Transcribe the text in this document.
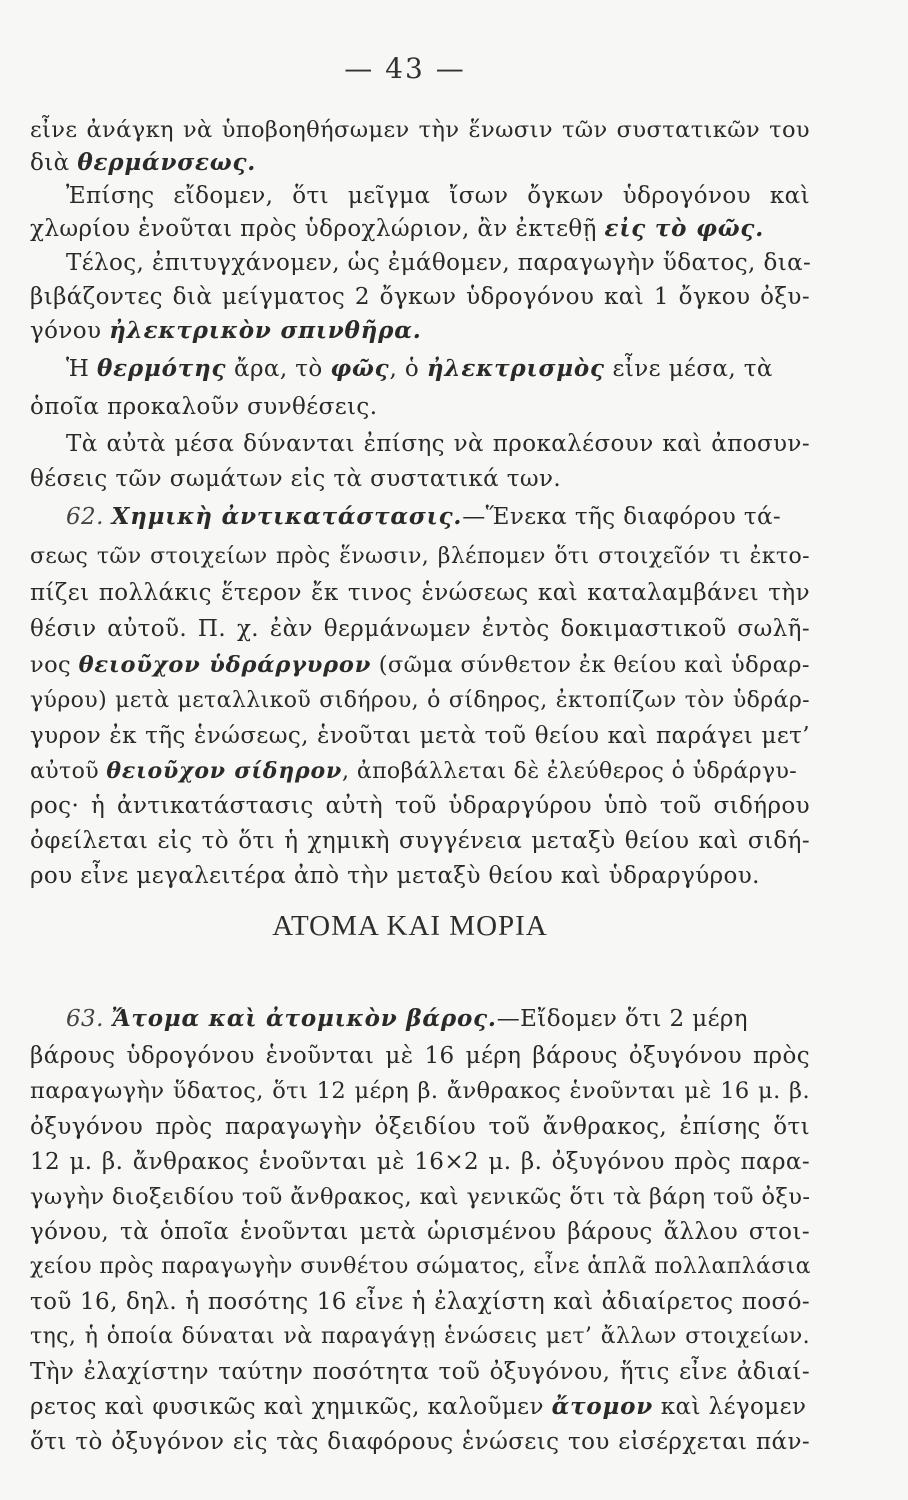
— 43 —
εἶνε ἀνάγκη νὰ ὑποβοηθήσωμεν τὴν ἕνωσιν τῶν συστατικῶν του
διὰ θερμάνσεως.
Ἐπίσης εἴδομεν, ὅτι μεῖγμα ἴσων ὄγκων ὑδρογόνου καὶ
χλωρίου ἑνοῦται πρὸς ὑδροχλώριον, ἂν ἐκτεθῇ εἰς τὸ φῶς.
Τέλος, ἐπιτυγχάνομεν, ὡς ἐμάθομεν, παραγωγὴν ὕδατος, δια-
βιβάζοντες διὰ μείγματος 2 ὄγκων ὑδρογόνου καὶ 1 ὄγκου ὀξυ-
γόνου ἠλεκτρικὸν σπινθῆρα.
Ἡ θερμότης ἄρα, τὸ φῶς, ὁ ἠλεκτρισμὸς εἶνε μέσα, τὰ
ὁποῖα προκαλοῦν συνθέσεις.
Τὰ αὐτὰ μέσα δύνανται ἐπίσης νὰ προκαλέσουν καὶ ἀποσυν-
θέσεις τῶν σωμάτων εἰς τὰ συστατικά των.
62. Χημικὴ ἀντικατάστασις.—Ἕνεκα τῆς διαφόρου τά-
σεως τῶν στοιχείων πρὸς ἕνωσιν, βλέπομεν ὅτι στοιχεῖόν τι ἐκτο-
πίζει πολλάκις ἕτερον ἔκ τινος ἑνώσεως καὶ καταλαμβάνει τὴν
θέσιν αὐτοῦ. Π. χ. ἐὰν θερμάνωμεν ἐντὸς δοκιμαστικοῦ σωλῆ-
νος θειοῦχον ὑδράργυρον (σῶμα σύνθετον ἐκ θείου καὶ ὑδραρ-
γύρου) μετὰ μεταλλικοῦ σιδήρου, ὁ σίδηρος, ἐκτοπίζων τὸν ὑδράρ-
γυρον ἐκ τῆς ἑνώσεως, ἑνοῦται μετὰ τοῦ θείου καὶ παράγει μετ’
αὐτοῦ θειοῦχον σίδηρον, ἀποβάλλεται δὲ ἐλεύθερος ὁ ὑδράργυ-
ρος· ἡ ἀντικατάστασις αὐτὴ τοῦ ὑδραργύρου ὑπὸ τοῦ σιδήρου
ὀφείλεται εἰς τὸ ὅτι ἡ χημικὴ συγγένεια μεταξὺ θείου καὶ σιδή-
ρου εἶνε μεγαλειτέρα ἀπὸ τὴν μεταξὺ θείου καὶ ὑδραργύρου.
ΑΤΟΜΑ ΚΑΙ ΜΟΡΙΑ
63. Ἄτομα καὶ ἀτομικὸν βάρος.—Εἴδομεν ὅτι 2 μέρη
βάρους ὑδρογόνου ἑνοῦνται μὲ 16 μέρη βάρους ὀξυγόνου πρὸς
παραγωγὴν ὕδατος, ὅτι 12 μέρη β. ἄνθρακος ἑνοῦνται μὲ 16 μ. β.
ὀξυγόνου πρὸς παραγωγὴν ὀξειδίου τοῦ ἄνθρακος, ἐπίσης ὅτι
12 μ. β. ἄνθρακος ἑνοῦνται μὲ 16×2 μ. β. ὀξυγόνου πρὸς παρα-
γωγὴν διοξειδίου τοῦ ἄνθρακος, καὶ γενικῶς ὅτι τὰ βάρη τοῦ ὀξυ-
γόνου, τὰ ὁποῖα ἑνοῦνται μετὰ ὡρισμένου βάρους ἄλλου στοι-
χείου πρὸς παραγωγὴν συνθέτου σώματος, εἶνε ἁπλᾶ πολλαπλάσια
τοῦ 16, δηλ. ἡ ποσότης 16 εἶνε ἡ ἐλαχίστη καὶ ἀδιαίρετος ποσό-
της, ἡ ὁποία δύναται νὰ παραγάγῃ ἑνώσεις μετ’ ἄλλων στοιχείων.
Τὴν ἐλαχίστην ταύτην ποσότητα τοῦ ὀξυγόνου, ἥτις εἶνε ἀδιαί-
ρετος καὶ φυσικῶς καὶ χημικῶς, καλοῦμεν ἄτομον καὶ λέγομεν
ὅτι τὸ ὀξυγόνον εἰς τὰς διαφόρους ἑνώσεις του εἰσέρχεται πάν-
